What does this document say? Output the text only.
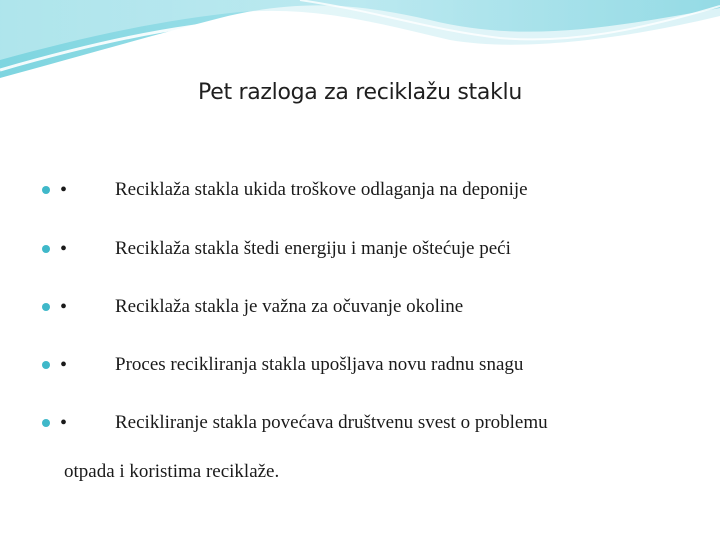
Pet razloga za reciklažu staklu
•	Reciklaža stakla ukida troškove odlaganja na deponije
•	Reciklaža stakla štedi energiju i manje oštećuje peći
•	Reciklaža stakla je važna za očuvanje okoline
•	Proces recikliranja stakla upošljava novu radnu snagu
•	Recikliranje stakla povećava društvenu svest o problemu
otpada i koristima reciklaže.
